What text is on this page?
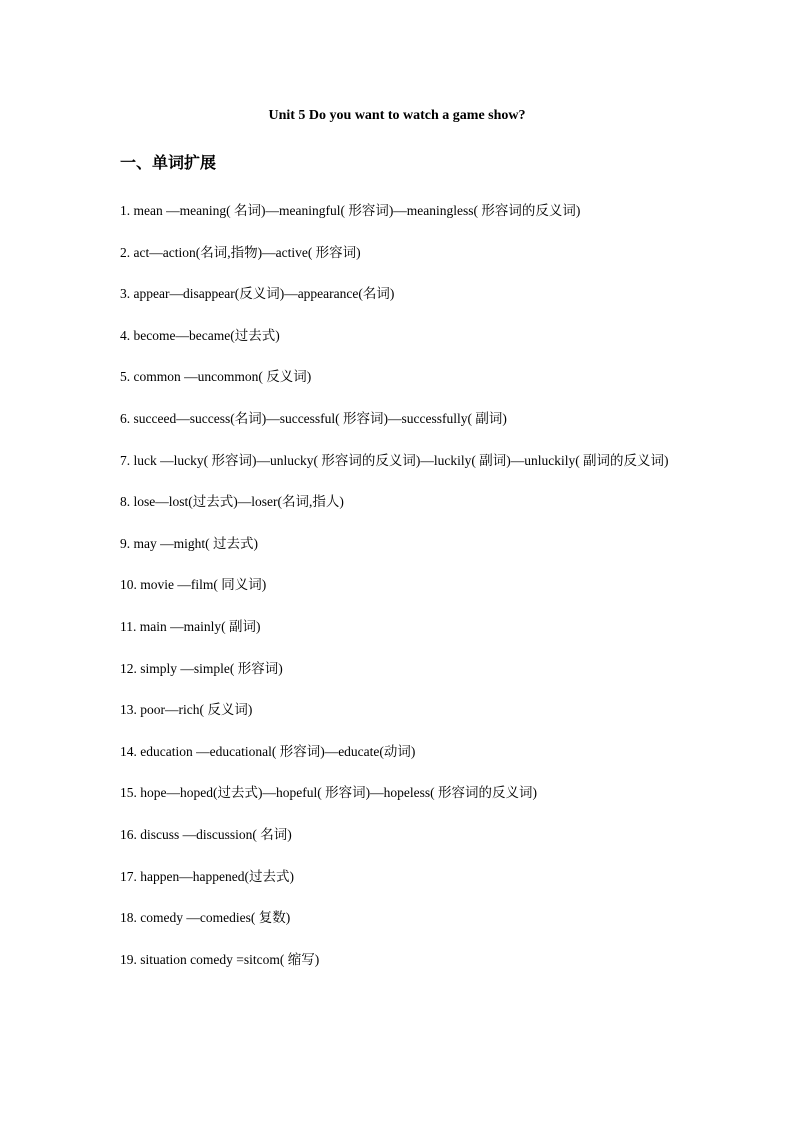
Unit 5 Do you want to watch a game show?
一、单词扩展
1. mean —meaning( 名词)—meaningful( 形容词)—meaningless( 形容词的反义词)
2. act—action(名词,指物)—active( 形容词)
3. appear—disappear(反义词)—appearance(名词)
4. become—became(过去式)
5. common —uncommon( 反义词)
6. succeed—success(名词)—successful( 形容词)—successfully( 副词)
7. luck —lucky( 形容词)—unlucky( 形容词的反义词)—luckily( 副词)—unluckily( 副词的反义词)
8. lose—lost(过去式)—loser(名词,指人)
9. may —might( 过去式)
10. movie —film( 同义词)
11. main —mainly( 副词)
12. simply —simple( 形容词)
13. poor—rich( 反义词)
14. education —educational( 形容词)—educate(动词)
15. hope—hoped(过去式)—hopeful( 形容词)—hopeless( 形容词的反义词)
16. discuss —discussion( 名词)
17. happen—happened(过去式)
18. comedy —comedies( 复数)
19. situation comedy =sitcom( 缩写)
